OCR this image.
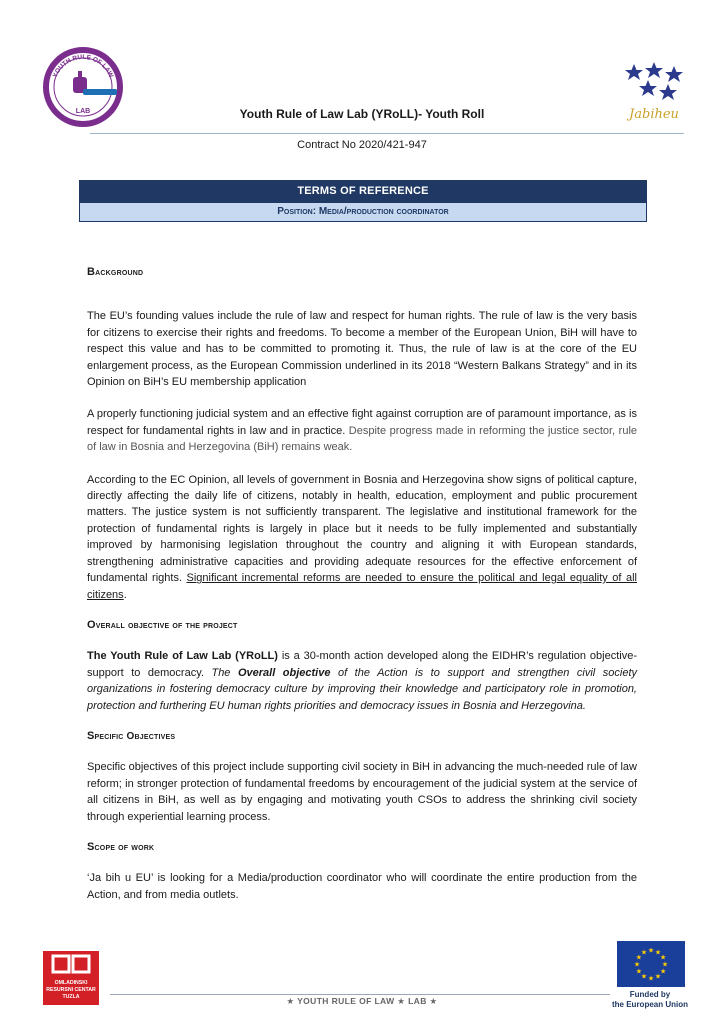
YOUTH RULE OF LAW
LAB	Jabiheu
Youth Rule of Law Lab (YRoLL)- Youth Roll
Contract No 2020/421-947
TERMS OF REFERENCE
Position: Media/production coordinator
Background

The EU’s founding values include the rule of law and respect for human rights. The rule of law is the very basis for citizens to exercise their rights and freedoms. To become a member of the European Union, BiH will have to respect this value and has to be committed to promoting it. Thus, the rule of law is at the core of the EU enlargement process, as the European Commission underlined in its 2018 “Western Balkans Strategy” and in its Opinion on BiH’s EU membership application

A properly functioning judicial system and an effective fight against corruption are of paramount importance, as is respect for fundamental rights in law and in practice. Despite progress made in reforming the justice sector, rule of law in Bosnia and Herzegovina (BiH) remains weak.

According to the EC Opinion, all levels of government in Bosnia and Herzegovina show signs of political capture, directly affecting the daily life of citizens, notably in health, education, employment and public procurement matters. The justice system is not sufficiently transparent. The legislative and institutional framework for the protection of fundamental rights is largely in place but it needs to be fully implemented and substantially improved by harmonising legislation throughout the country and aligning it with European standards, strengthening administrative capacities and providing adequate resources for the effective enforcement of fundamental rights. Significant incremental reforms are needed to ensure the political and legal equality of all citizens.

Overall objective of the project

The Youth Rule of Law Lab (YRoLL) is a 30-month action developed along the EIDHR’s regulation objective-support to democracy. The Overall objective of the Action is to support and strengthen civil society organizations in fostering democracy culture by improving their knowledge and participatory role in promotion, protection and furthering EU human rights priorities and democracy issues in Bosnia and Herzegovina.

Specific Objectives

Specific objectives of this project include supporting civil society in BiH in advancing the much-needed rule of law reform; in stronger protection of fundamental freedoms by encouragement of the judicial system at the service of all citizens in BiH, as well as by engaging and motivating youth CSOs to address the shrinking civil society through experiential learning process.

Scope of work

‘Ja bih u EU’ is looking for a Media/production coordinator who will coordinate the entire production from the Action, and from media outlets.

OMLADINSKI
RESURSNI CENTAR
TUZLA	★ YOUTH RULE OF LAW ★ LAB ★
★ ★
★
★
★
★
★
★
★
★
★
★
Funded by
the European Union
